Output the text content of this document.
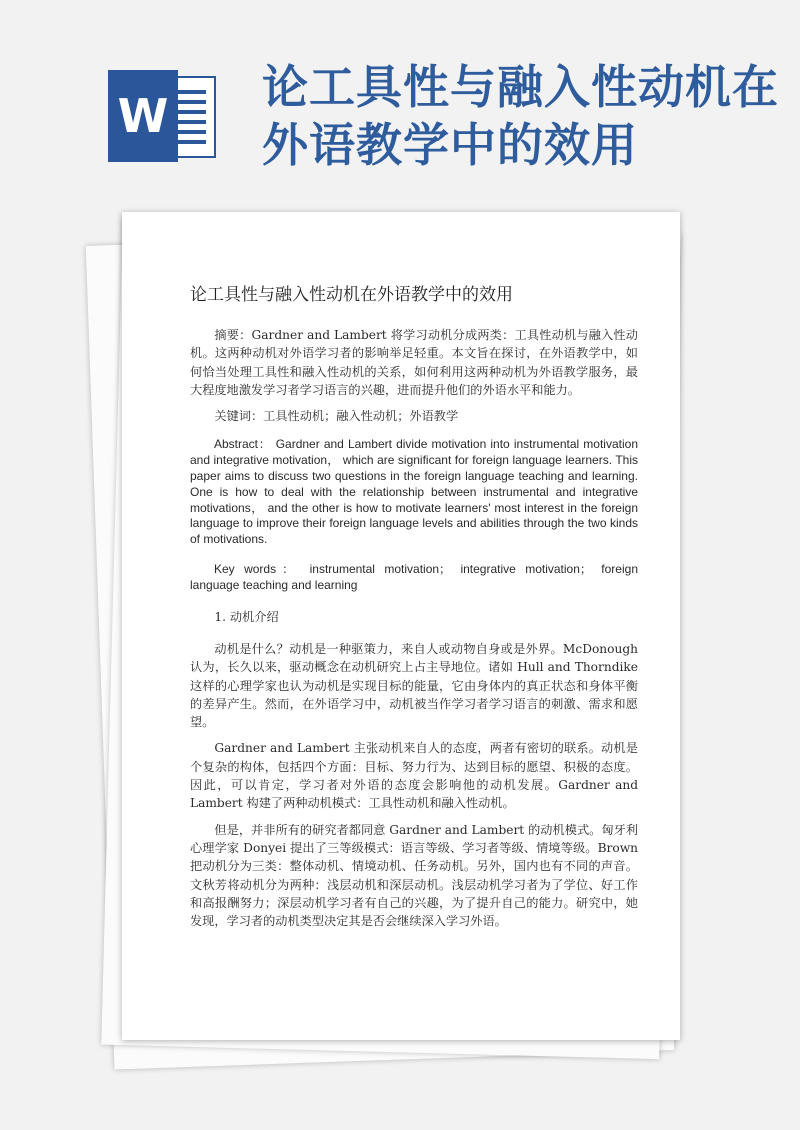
W
论工具性与融入性动机在外语教学中的效用
论工具性与融入性动机在外语教学中的效用

摘要：Gardner and Lambert 将学习动机分成两类：工具性动机与融入性动机。这两种动机对外语学习者的影响举足轻重。本文旨在探讨，在外语教学中，如何恰当处理工具性和融入性动机的关系，如何利用这两种动机为外语教学服务，最大程度地激发学习者学习语言的兴趣，进而提升他们的外语水平和能力。

关键词：工具性动机；融入性动机；外语教学

Abstract： Gardner and Lambert divide motivation into instrumental motivation and integrative motivation， which are significant for foreign language learners. This paper aims to discuss two questions in the foreign language teaching and learning. One is how to deal with the relationship between instrumental and integrative motivations， and the other is how to motivate learners' most interest in the foreign language to improve their foreign language levels and abilities through the two kinds of motivations.

Key words： instrumental motivation； integrative motivation； foreign language teaching and learning

1. 动机介绍

动机是什么？动机是一种驱策力，来自人或动物自身或是外界。McDonough 认为，长久以来，驱动概念在动机研究上占主导地位。诸如 Hull and Thorndike 这样的心理学家也认为动机是实现目标的能量，它由身体内的真正状态和身体平衡的差异产生。然而，在外语学习中，动机被当作学习者学习语言的刺激、需求和愿望。

Gardner and Lambert 主张动机来自人的态度，两者有密切的联系。动机是个复杂的构体，包括四个方面：目标、努力行为、达到目标的愿望、积极的态度。因此，可以肯定，学习者对外语的态度会影响他的动机发展。Gardner and Lambert 构建了两种动机模式：工具性动机和融入性动机。

但是，并非所有的研究者都同意 Gardner and Lambert 的动机模式。匈牙利心理学家 Donyei 提出了三等级模式：语言等级、学习者等级、情境等级。Brown 把动机分为三类：整体动机、情境动机、任务动机。另外，国内也有不同的声音。文秋芳将动机分为两种：浅层动机和深层动机。浅层动机学习者为了学位、好工作和高报酬努力；深层动机学习者有自己的兴趣，为了提升自己的能力。研究中，她发现，学习者的动机类型决定其是否会继续深入学习外语。
